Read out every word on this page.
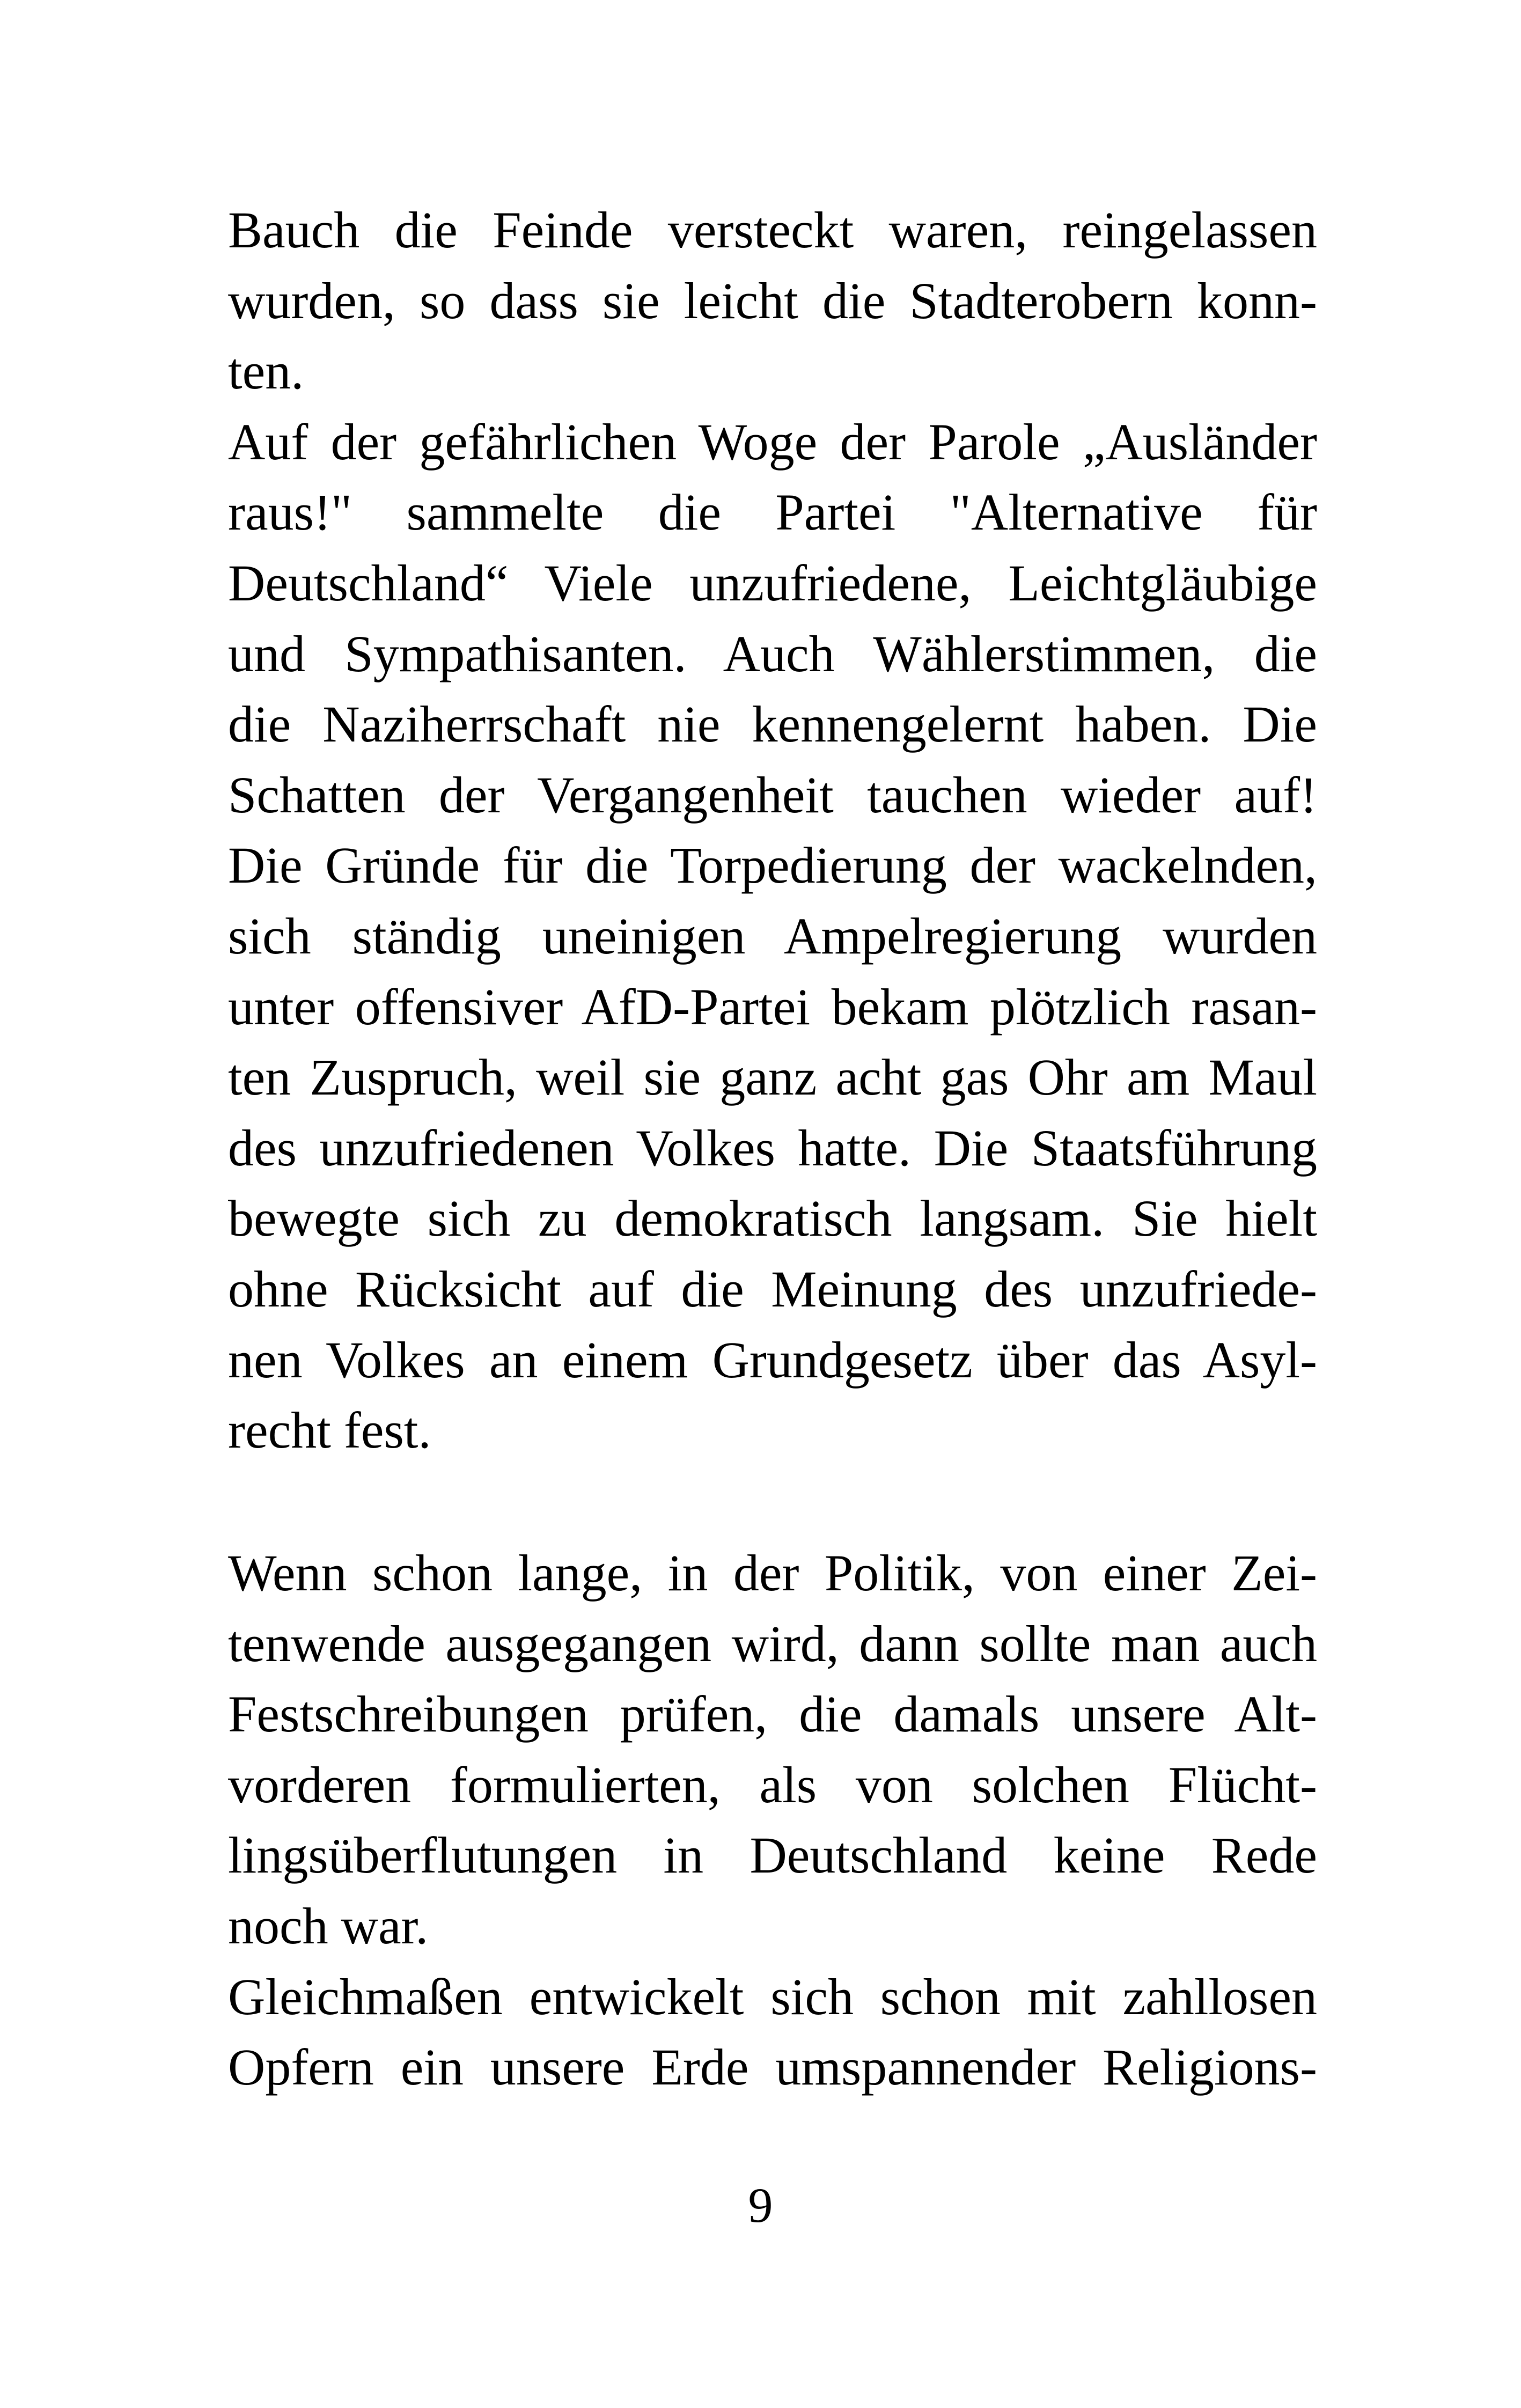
Bauch die Feinde versteckt waren, reingelassen
wurden, so dass sie leicht die Stadterobern konn-
ten.
Auf der gefährlichen Woge der Parole „Ausländer
raus!" sammelte die Partei "Alternative für
Deutschland“ Viele unzufriedene, Leichtgläubige
und Sympathisanten. Auch Wählerstimmen, die
die Naziherrschaft nie kennengelernt haben. Die
Schatten der Vergangenheit tauchen wieder auf!
Die Gründe für die Torpedierung der wackelnden,
sich ständig uneinigen Ampelregierung wurden
unter offensiver AfD-Partei bekam plötzlich rasan-
ten Zuspruch, weil sie ganz acht gas Ohr am Maul
des unzufriedenen Volkes hatte. Die Staatsführung
bewegte sich zu demokratisch langsam. Sie hielt
ohne Rücksicht auf die Meinung des unzufriede-
nen Volkes an einem Grundgesetz über das Asyl-
recht fest.
Wenn schon lange, in der Politik, von einer Zei-
tenwende ausgegangen wird, dann sollte man auch
Festschreibungen prüfen, die damals unsere Alt-
vorderen formulierten, als von solchen Flücht-
lingsüberflutungen in Deutschland keine Rede
noch war.
Gleichmaßen entwickelt sich schon mit zahllosen
Opfern ein unsere Erde umspannender Religions-
9
